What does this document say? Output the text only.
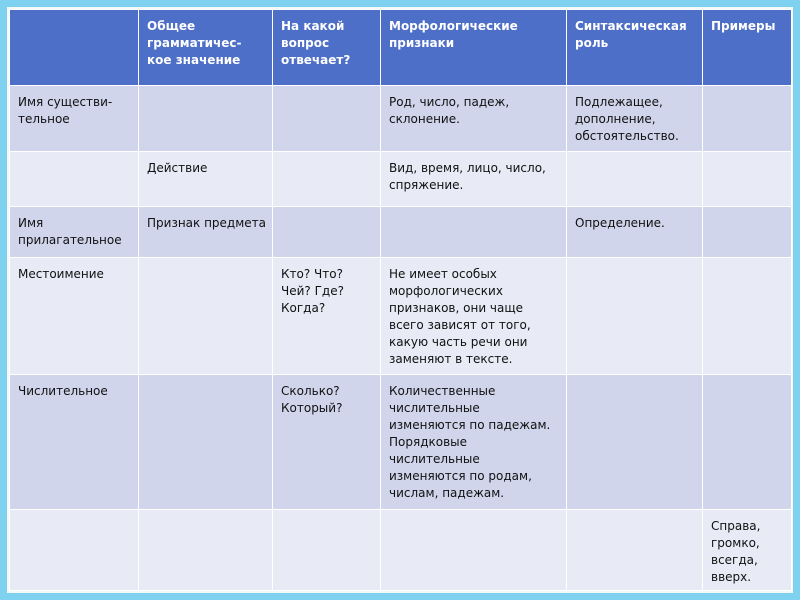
	Общее грамматичес-
кое значение	На какой вопрос отвечает?	Морфологические признаки	Синтаксическая роль	Примеры
Имя существи-
тельное			Род, число, падеж, склонение.	Подлежащее, дополнение, обстоятельство.	
	Действие		Вид, время, лицо, число, спряжение.		
Имя прилагательное	Признак предмета			Определение.	
Местоимение		Кто? Что? Чей? Где? Когда?	Не имеет особых морфологических признаков, они чаще всего зависят от того, какую часть речи они заменяют в тексте.		
Числительное		Сколько? Который?	Количественные числительные изменяются по падежам. Порядковые числительные изменяются по родам, числам, падежам.		
					Справа, громко, всегда, вверх.
